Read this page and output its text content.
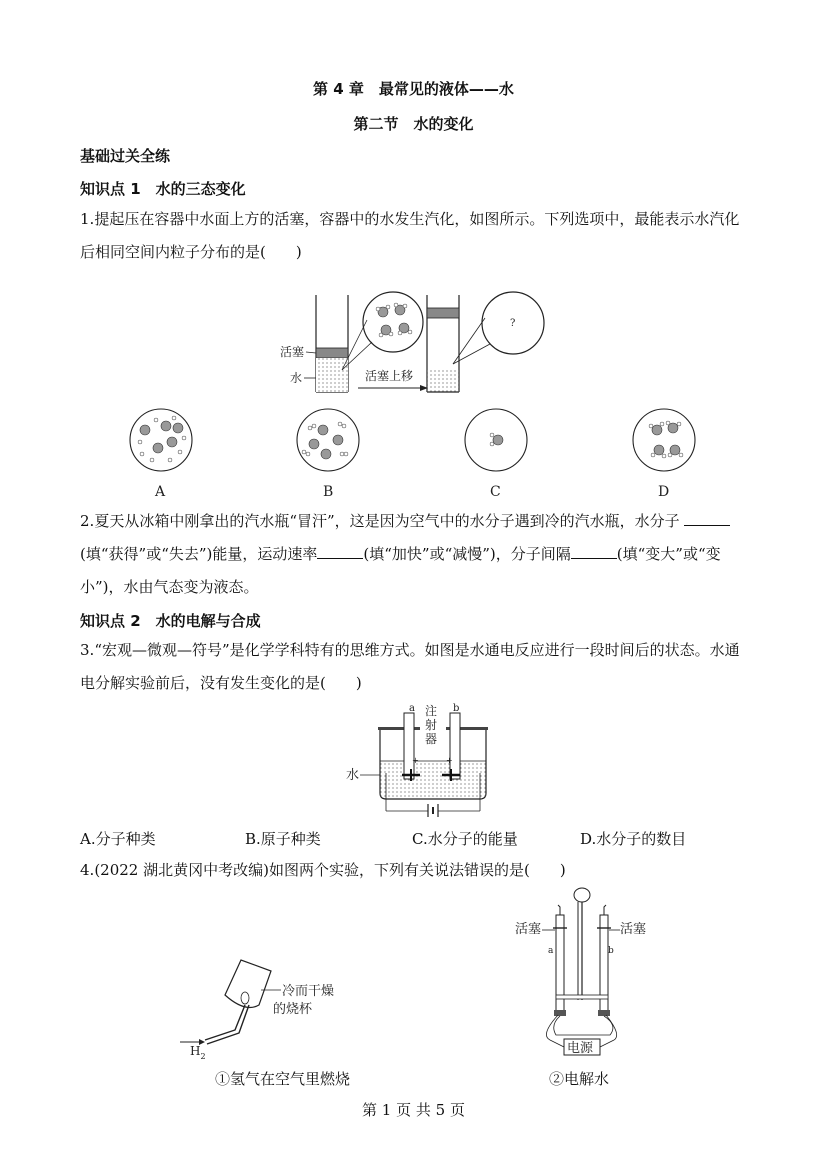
第 4 章　最常见的液体——水
第二节　水的变化
基础过关全练
知识点 1　水的三态变化
1.提起压在容器中水面上方的活塞，容器中的水发生汽化，如图所示。下列选项中，最能表示水汽化后相同空间内粒子分布的是(　　)
活塞
水	活塞上移
?
A	B	C	D
2.夏天从冰箱中刚拿出的汽水瓶“冒汗”，这是因为空气中的水分子遇到冷的汽水瓶，水分子 (填“获得”或“失去”)能量，运动速率	(填“加快”或“减慢”)，分子间隔	(填“变大”或“变小”)，水由气态变为液态。
知识点 2　水的电解与合成
3.“宏观—微观—符号”是化学学科特有的思维方式。如图是水通电反应进行一段时间后的状态。水通电分解实验前后，没有发生变化的是(　　)
a	b
注
射
器
+	+
水
A.分子种类	B.原子种类	C.水分子的能量	D.水分子的数目
4.(2022 湖北黄冈中考改编)如图两个实验，下列有关说法错误的是(　　)
$H_2$
冷而干燥
的烧杯
①氢气在空气里燃烧
活塞	活塞
a	b
电源
②电解水
第 1 页 共 5 页
